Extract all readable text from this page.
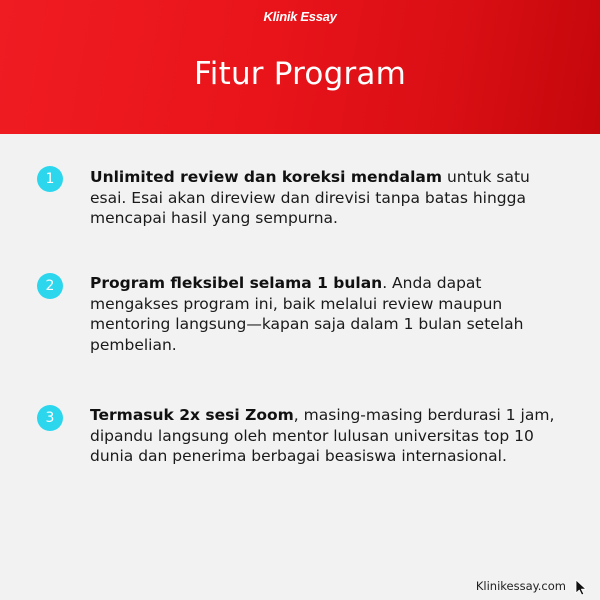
Klinik Essay
Fitur Program
1	Unlimited review dan koreksi mendalam untuk satu esai. Esai akan direview dan direvisi tanpa batas hingga mencapai hasil yang sempurna.
2	Program fleksibel selama 1 bulan. Anda dapat mengakses program ini, baik melalui review maupun mentoring langsung—kapan saja dalam 1 bulan setelah pembelian.
3	Termasuk 2x sesi Zoom, masing-masing berdurasi 1 jam, dipandu langsung oleh mentor lulusan universitas top 10 dunia dan penerima berbagai beasiswa internasional.
Klinikessay.com
